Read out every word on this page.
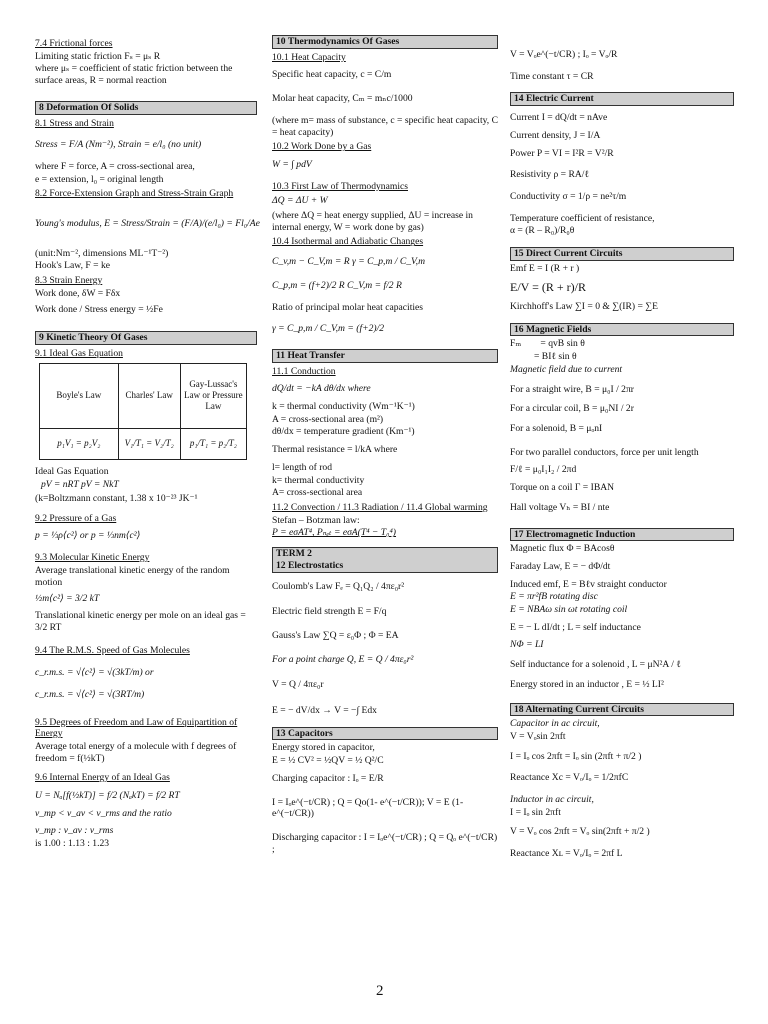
7.4 Frictional forces
Limiting static friction Fₛ = μₛ R
where μₛ = coefficient of static friction between the surface areas, R = normal reaction
8 Deformation Of Solids
8.1 Stress and Strain
Stress = F/A (Nm⁻²), Strain = e/l₀ (no unit)
where F = force, A = cross-sectional area,
e = extension, l₀ = original length
8.2 Force-Extension Graph and Stress-Strain Graph
Young's modulus, E = Stress/Strain = (F/A)/(e/l₀) = Fl₀/Ae
(unit:Nm⁻², dimensions ML⁻¹T⁻²)
Hook's Law, F = ke
8.3 Strain Energy
Work done, δW = Fδx
Work done / Stress energy = ½Fe
9 Kinetic Theory Of Gases
9.1 Ideal Gas Equation
Boyle's Law	Charles' Law	Gay-Lussac's Law or Pressure Law
p₁V₁ = p₂V₂	V₁/T₁ = V₂/T₂	p₁/T₁ = p₂/T₂
Ideal Gas Equation
pV = nRT pV = NkT
(k=Boltzmann constant, 1.38 x 10⁻²³ JK⁻¹
9.2 Pressure of a Gas
p = ⅓ρ⟨c²⟩ or p = ⅓nm⟨c²⟩
9.3 Molecular Kinetic Energy
Average translational kinetic energy of the random motion
½m⟨c²⟩ = 3/2 kT
Translational kinetic energy per mole on an ideal gas = 3/2 RT
9.4 The R.M.S. Speed of Gas Molecules
c_r.m.s. = √⟨c²⟩ = √(3kT/m) or
c_r.m.s. = √⟨c²⟩ = √(3RT/m)
9.5 Degrees of Freedom and Law of Equipartition of Energy
Average total energy of a molecule with f degrees of freedom = f(½kT)
9.6 Internal Energy of an Ideal Gas
U = Nₐ[f(½kT)] = f/2 (NₐkT) = f/2 RT
v_mp < v_av < v_rms and the ratio
v_mp : v_av : v_rms
is 1.00 : 1.13 : 1.23
10 Thermodynamics Of Gases
10.1 Heat Capacity
Specific heat capacity, c = C/m
Molar heat capacity, Cₘ = mₙc/1000
(where m= mass of substance, c = specific heat capacity, C = heat capacity)
10.2 Work Done by a Gas
W = ∫ pdV
10.3 First Law of Thermodynamics
ΔQ = ΔU + W
(where ΔQ = heat energy supplied, ΔU = increase in internal energy, W = work done by gas)
10.4 Isothermal and Adiabatic Changes
C_v,m − C_V,m = R γ = C_p,m / C_V,m
C_p,m = (f+2)/2 R C_V,m = f/2 R
Ratio of principal molar heat capacities
γ = C_p,m / C_V,m = (f+2)/2
11 Heat Transfer
11.1 Conduction
dQ/dt = −kA dθ/dx where
k = thermal conductivity (Wm⁻¹K⁻¹)
A = cross-sectional area (m²)
dθ/dx = temperature gradient (Km⁻¹)
Thermal resistance = l/kA where
l= length of rod
k= thermal conductivity
A= cross-sectional area
11.2 Convection / 11.3 Radiation / 11.4 Global warming
Stefan – Botzman law:
P = eσAT⁴, Pₙₑₜ = eσA(T⁴ − T₀⁴)
TERM 2
12 Electrostatics
Coulomb's Law Fₑ = Q₁Q₂ / 4πε₀r²
Electric field strength E = F/q
Gauss's Law ∑Q = ε₀Φ ; Φ = EA
For a point charge Q, E = Q / 4πε₀r²
V = Q / 4πε₀r
E = − dV/dx → V = −∫ Edx
13 Capacitors
Energy stored in capacitor,
E = ½ CV² = ½QV = ½ Q²/C
Charging capacitor : Iₒ = E/R
I = Iₒe^(−t/CR) ; Q = Qo(1- e^(−t/CR)); V = E (1- e^(−t/CR))
Discharging capacitor : I = Iₒe^(−t/CR) ; Q = Qₒ e^(−t/CR) ;
V = Vₒe^(−t/CR) ; Iₒ = Vₒ/R
Time constant τ = CR
14 Electric Current
Current I = dQ/dt = nAve
Current density, J = I/A
Power P = VI = I²R = V²/R
Resistivity ρ = RA/ℓ
Conductivity σ = 1/ρ = ne²τ/m
Temperature coefficient of resistance,
α = (R – R₀)/R₀θ
15 Direct Current Circuits
Emf E = I (R + r )
E/V = (R + r)/R
Kirchhoff's Law ∑I = 0 & ∑(IR) = ∑E
16 Magnetic Fields
Fₘ        = qvB sin θ
= BIℓ sin θ
Magnetic field due to current
For a straight wire, B = μ₀I / 2πr
For a circular coil, B = μ₀NI / 2r
For a solenoid, B = μₒnI
For two parallel conductors, force per unit length
F/ℓ = μ₀I₁I₂ / 2πd
Torque on a coil Γ = IBAN
Hall voltage Vₕ = BI / nte
17 Electromagnetic Induction
Magnetic flux Φ = BAcosθ
Faraday Law, E = − dΦ/dt
Induced emf, E = Bℓv straight conductor
E = πr²fB rotating disc
E = NBAω sin ωt rotating coil
E = − L dI/dt ; L = self inductance
NΦ = LI
Self inductance for a solenoid , L = μN²A / ℓ
Energy stored in an inductor , E = ½ LI²
18 Alternating Current Circuits
Capacitor in ac circuit,
V = Vₒsin 2πft
I = Iₒ cos 2πft = Iₒ sin (2πft + π/2 )
Reactance Xc = Vₒ/Iₒ = 1/2πfC
Inductor in ac circuit,
I = Iₒ sin 2πft
V = Vₒ cos 2πft = Vₒ sin(2πft + π/2 )
Reactance Xʟ = Vₒ/Iₒ = 2πf L
2
